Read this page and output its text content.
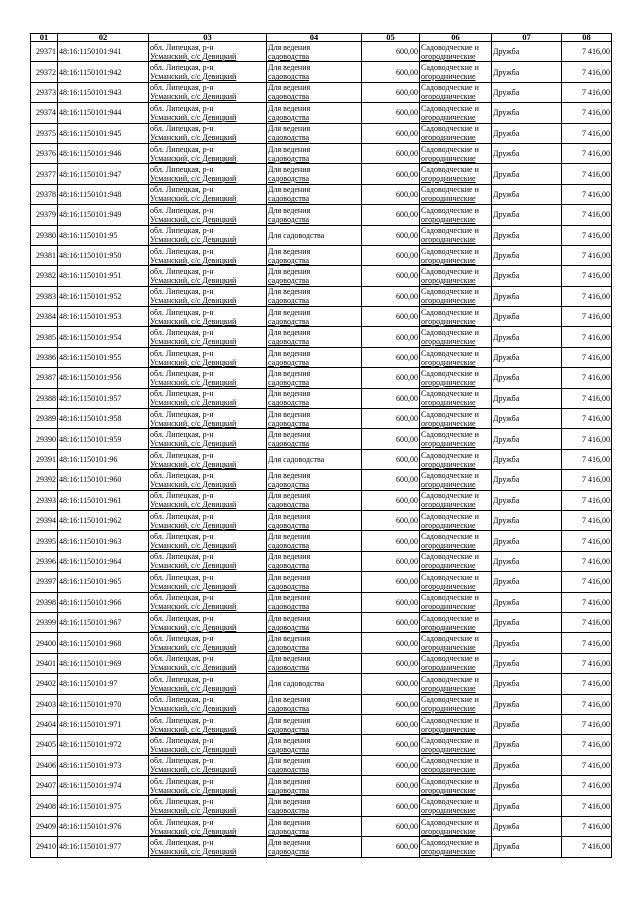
01	02	03	04	05	06	07	08
29371	48:16:1150101:941	обл. Липецкая, р-н
Усманский, с/с Девицкий	Для ведения
садоводства	600,00	Садоводческие и
огороднические	Дружба	7 416,00
29372	48:16:1150101:942	обл. Липецкая, р-н
Усманский, с/с Девицкий	Для ведения
садоводства	600,00	Садоводческие и
огороднические	Дружба	7 416,00
29373	48:16:1150101:943	обл. Липецкая, р-н
Усманский, с/с Девицкий	Для ведения
садоводства	600,00	Садоводческие и
огороднические	Дружба	7 416,00
29374	48:16:1150101:944	обл. Липецкая, р-н
Усманский, с/с Девицкий	Для ведения
садоводства	600,00	Садоводческие и
огороднические	Дружба	7 416,00
29375	48:16:1150101:945	обл. Липецкая, р-н
Усманский, с/с Девицкий	Для ведения
садоводства	600,00	Садоводческие и
огороднические	Дружба	7 416,00
29376	48:16:1150101:946	обл. Липецкая, р-н
Усманский, с/с Девицкий	Для ведения
садоводства	600,00	Садоводческие и
огороднические	Дружба	7 416,00
29377	48:16:1150101:947	обл. Липецкая, р-н
Усманский, с/с Девицкий	Для ведения
садоводства	600,00	Садоводческие и
огороднические	Дружба	7 416,00
29378	48:16:1150101:948	обл. Липецкая, р-н
Усманский, с/с Девицкий	Для ведения
садоводства	600,00	Садоводческие и
огороднические	Дружба	7 416,00
29379	48:16:1150101:949	обл. Липецкая, р-н
Усманский, с/с Девицкий	Для ведения
садоводства	600,00	Садоводческие и
огороднические	Дружба	7 416,00
29380	48:16:1150101:95	обл. Липецкая, р-н
Усманский, с/с Девицкий	Для садоводства	600,00	Садоводческие и
огороднические	Дружба	7 416,00
29381	48:16:1150101:950	обл. Липецкая, р-н
Усманский, с/с Девицкий	Для ведения
садоводства	600,00	Садоводческие и
огороднические	Дружба	7 416,00
29382	48:16:1150101:951	обл. Липецкая, р-н
Усманский, с/с Девицкий	Для ведения
садоводства	600,00	Садоводческие и
огороднические	Дружба	7 416,00
29383	48:16:1150101:952	обл. Липецкая, р-н
Усманский, с/с Девицкий	Для ведения
садоводства	600,00	Садоводческие и
огороднические	Дружба	7 416,00
29384	48:16:1150101:953	обл. Липецкая, р-н
Усманский, с/с Девицкий	Для ведения
садоводства	600,00	Садоводческие и
огороднические	Дружба	7 416,00
29385	48:16:1150101:954	обл. Липецкая, р-н
Усманский, с/с Девицкий	Для ведения
садоводства	600,00	Садоводческие и
огороднические	Дружба	7 416,00
29386	48:16:1150101:955	обл. Липецкая, р-н
Усманский, с/с Девицкий	Для ведения
садоводства	600,00	Садоводческие и
огороднические	Дружба	7 416,00
29387	48:16:1150101:956	обл. Липецкая, р-н
Усманский, с/с Девицкий	Для ведения
садоводства	600,00	Садоводческие и
огороднические	Дружба	7 416,00
29388	48:16:1150101:957	обл. Липецкая, р-н
Усманский, с/с Девицкий	Для ведения
садоводства	600,00	Садоводческие и
огороднические	Дружба	7 416,00
29389	48:16:1150101:958	обл. Липецкая, р-н
Усманский, с/с Девицкий	Для ведения
садоводства	600,00	Садоводческие и
огороднические	Дружба	7 416,00
29390	48:16:1150101:959	обл. Липецкая, р-н
Усманский, с/с Девицкий	Для ведения
садоводства	600,00	Садоводческие и
огороднические	Дружба	7 416,00
29391	48:16:1150101:96	обл. Липецкая, р-н
Усманский, с/с Девицкий	Для садоводства	600,00	Садоводческие и
огороднические	Дружба	7 416,00
29392	48:16:1150101:960	обл. Липецкая, р-н
Усманский, с/с Девицкий	Для ведения
садоводства	600,00	Садоводческие и
огороднические	Дружба	7 416,00
29393	48:16:1150101:961	обл. Липецкая, р-н
Усманский, с/с Девицкий	Для ведения
садоводства	600,00	Садоводческие и
огороднические	Дружба	7 416,00
29394	48:16:1150101:962	обл. Липецкая, р-н
Усманский, с/с Девицкий	Для ведения
садоводства	600,00	Садоводческие и
огороднические	Дружба	7 416,00
29395	48:16:1150101:963	обл. Липецкая, р-н
Усманский, с/с Девицкий	Для ведения
садоводства	600,00	Садоводческие и
огороднические	Дружба	7 416,00
29396	48:16:1150101:964	обл. Липецкая, р-н
Усманский, с/с Девицкий	Для ведения
садоводства	600,00	Садоводческие и
огороднические	Дружба	7 416,00
29397	48:16:1150101:965	обл. Липецкая, р-н
Усманский, с/с Девицкий	Для ведения
садоводства	600,00	Садоводческие и
огороднические	Дружба	7 416,00
29398	48:16:1150101:966	обл. Липецкая, р-н
Усманский, с/с Девицкий	Для ведения
садоводства	600,00	Садоводческие и
огороднические	Дружба	7 416,00
29399	48:16:1150101:967	обл. Липецкая, р-н
Усманский, с/с Девицкий	Для ведения
садоводства	600,00	Садоводческие и
огороднические	Дружба	7 416,00
29400	48:16:1150101:968	обл. Липецкая, р-н
Усманский, с/с Девицкий	Для ведения
садоводства	600,00	Садоводческие и
огороднические	Дружба	7 416,00
29401	48:16:1150101:969	обл. Липецкая, р-н
Усманский, с/с Девицкий	Для ведения
садоводства	600,00	Садоводческие и
огороднические	Дружба	7 416,00
29402	48:16:1150101:97	обл. Липецкая, р-н
Усманский, с/с Девицкий	Для садоводства	600,00	Садоводческие и
огороднические	Дружба	7 416,00
29403	48:16:1150101:970	обл. Липецкая, р-н
Усманский, с/с Девицкий	Для ведения
садоводства	600,00	Садоводческие и
огороднические	Дружба	7 416,00
29404	48:16:1150101:971	обл. Липецкая, р-н
Усманский, с/с Девицкий	Для ведения
садоводства	600,00	Садоводческие и
огороднические	Дружба	7 416,00
29405	48:16:1150101:972	обл. Липецкая, р-н
Усманский, с/с Девицкий	Для ведения
садоводства	600,00	Садоводческие и
огороднические	Дружба	7 416,00
29406	48:16:1150101:973	обл. Липецкая, р-н
Усманский, с/с Девицкий	Для ведения
садоводства	600,00	Садоводческие и
огороднические	Дружба	7 416,00
29407	48:16:1150101:974	обл. Липецкая, р-н
Усманский, с/с Девицкий	Для ведения
садоводства	600,00	Садоводческие и
огороднические	Дружба	7 416,00
29408	48:16:1150101:975	обл. Липецкая, р-н
Усманский, с/с Девицкий	Для ведения
садоводства	600,00	Садоводческие и
огороднические	Дружба	7 416,00
29409	48:16:1150101:976	обл. Липецкая, р-н
Усманский, с/с Девицкий	Для ведения
садоводства	600,00	Садоводческие и
огороднические	Дружба	7 416,00
29410	48:16:1150101:977	обл. Липецкая, р-н
Усманский, с/с Девицкий	Для ведения
садоводства	600,00	Садоводческие и
огороднические	Дружба	7 416,00
